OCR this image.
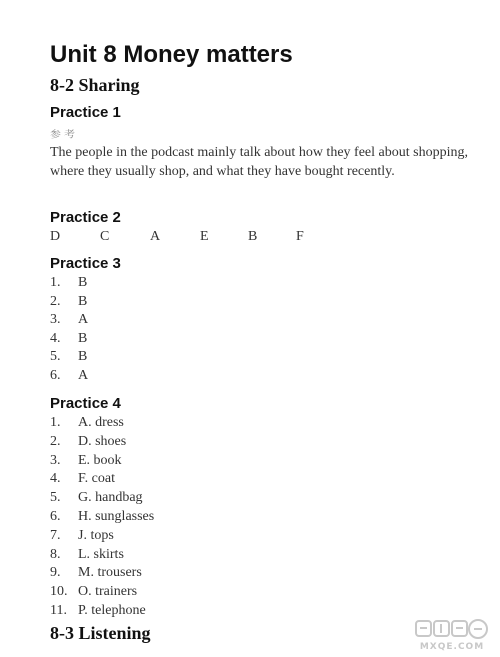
Unit 8 Money matters
8-2 Sharing
Practice 1
参考
The people in the podcast mainly talk about how they feel about shopping, where they usually shop, and what they have bought recently.
Practice 2
D	C	A	E	B	F
Practice 3
1. B
2. B
3. A
4. B
5. B
6. A
Practice 4
1. A. dress
2. D. shoes
3. E. book
4. F. coat
5. G. handbag
6. H. sunglasses
7. J. tops
8. L. skirts
9. M. trousers
10. O. trainers
11. P. telephone
8-3 Listening
MXQE.COM
